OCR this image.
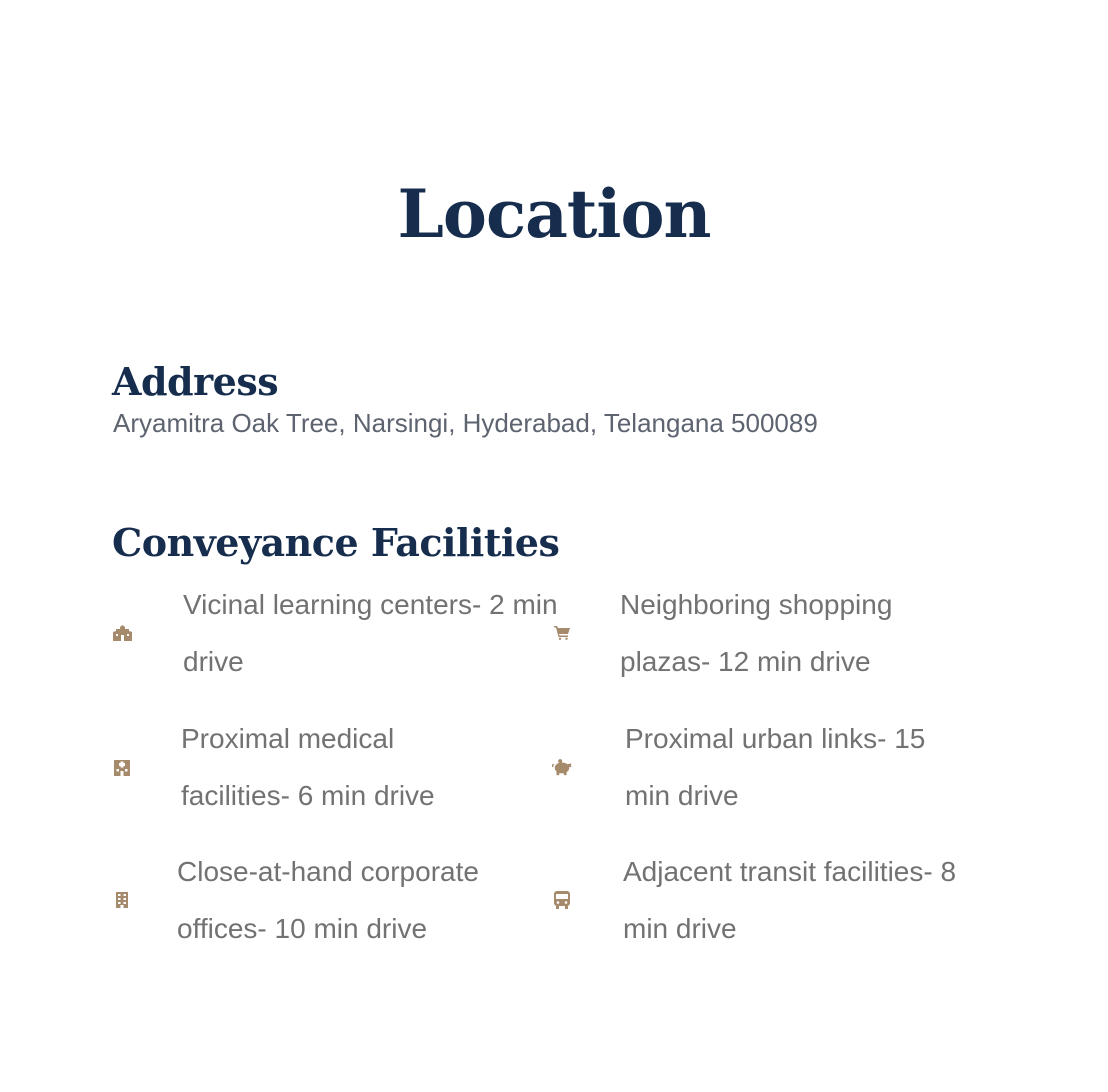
Location
Address
Aryamitra Oak Tree, Narsingi, Hyderabad, Telangana 500089
Conveyance Facilities
Vicinal learning centers- 2 min drive
Neighboring shopping plazas- 12 min drive
Proximal medical facilities- 6 min drive
Proximal urban links- 15 min drive
Close-at-hand corporate offices- 10 min drive
Adjacent transit facilities- 8 min drive
